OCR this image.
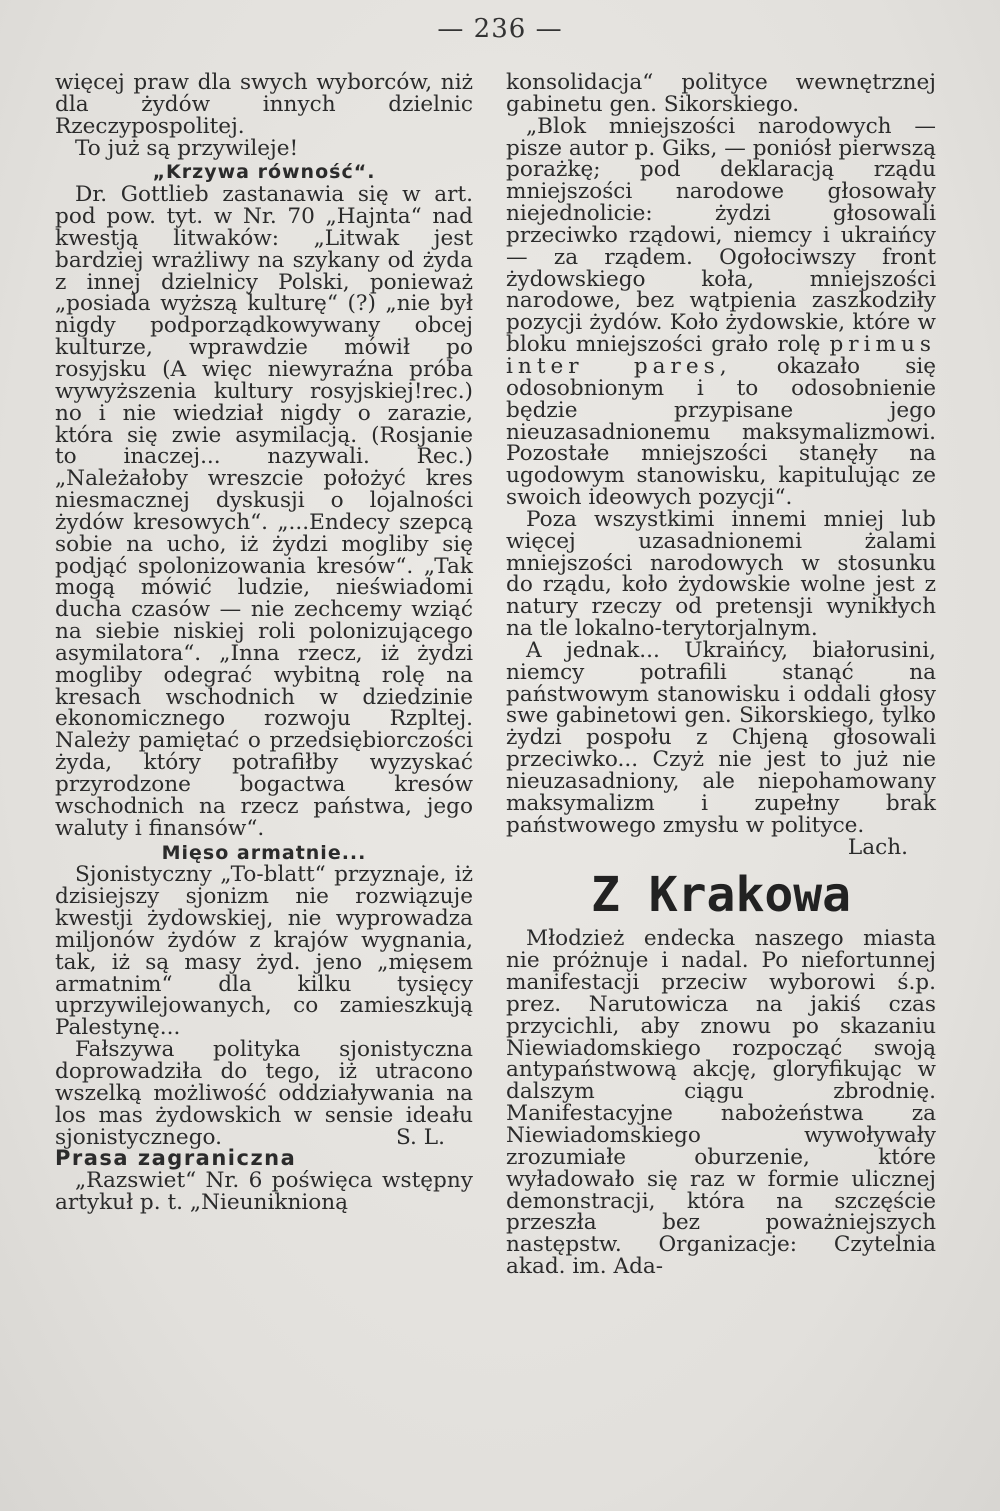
— 236 —

więcej praw dla swych wyborców, niż dla żydów innych dzielnic Rzeczypospolitej.

To już są przywileje!

„Krzywa równość“.

Dr. Gottlieb zastanawia się w art. pod pow. tyt. w Nr. 70 „Hajnta“ nad kwestją litwaków: „Litwak jest bardziej wrażliwy na szykany od żyda z innej dzielnicy Polski, ponieważ „posiada wyższą kulturę“ (?) „nie był nigdy podporządkowywany obcej kulturze, wprawdzie mówił po rosyjsku (A więc niewyraźna próba wywyższenia kultury rosyjskiej!rec.) no i nie wiedział nigdy o zarazie, która się zwie asymilacją. (Rosjanie to inaczej... nazywali. Rec.) „Należałoby wreszcie położyć kres niesmacznej dyskusji o lojalności żydów kresowych“. „...Endecy szepcą sobie na ucho, iż żydzi mogliby się podjąć spolonizowania kresów“. „Tak mogą mówić ludzie, nieświadomi ducha czasów — nie zechcemy wziąć na siebie niskiej roli polonizującego asymilatora“. „Inna rzecz, iż żydzi mogliby odegrać wybitną rolę na kresach wschodnich w dziedzinie ekonomicznego rozwoju Rzpltej. Należy pamiętać o przedsiębiorczości żyda, który potrafiłby wyzyskać przyrodzone bogactwa kresów wschodnich na rzecz państwa, jego waluty i finansów“.

Mięso armatnie...

Sjonistyczny „To-blatt“ przyznaje, iż dzisiejszy sjonizm nie rozwiązuje kwestji żydowskiej, nie wyprowadza miljonów żydów z krajów wygnania, tak, iż są masy żyd. jeno „mięsem armatnim“ dla kilku tysięcy uprzywilejowanych, co zamieszkują Palestynę...

Fałszywa polityka sjonistyczna doprowadziła do tego, iż utracono wszelką możliwość oddziaływania na los mas żydowskich w sensie ideału sjonistycznego.	S. L.

Prasa zagraniczna

„Razswiet“ Nr. 6 poświęca wstępny artykuł p. t. „Nieuniknioną

konsolidacja“ polityce wewnętrznej gabinetu gen. Sikorskiego.

„Blok mniejszości narodowych — pisze autor p. Giks, — poniósł pierwszą porażkę; pod deklaracją rządu mniejszości narodowe głosowały niejednolicie: żydzi głosowali przeciwko rządowi, niemcy i ukraińcy — za rządem. Ogołociwszy front żydowskiego koła, mniejszości narodowe, bez wątpienia zaszkodziły pozycji żydów. Koło żydowskie, które w bloku mniejszości grało rolę primus inter pares, okazało się odosobnionym i to odosobnienie będzie przypisane jego nieuzasadnionemu maksymalizmowi. Pozostałe mniejszości stanęły na ugodowym stanowisku, kapitulując ze swoich ideowych pozycji“.

Poza wszystkimi innemi mniej lub więcej uzasadnionemi żalami mniejszości narodowych w stosunku do rządu, koło żydowskie wolne jest z natury rzeczy od pretensji wynikłych na tle lokalno-terytorjalnym.

A jednak... Ukraińcy, białorusini, niemcy potrafili stanąć na państwowym stanowisku i oddali głosy swe gabinetowi gen. Sikorskiego, tylko żydzi pospołu z Chjeną głosowali przeciwko... Czyż nie jest to już nie nieuzasadniony, ale niepohamowany maksymalizm i zupełny brak państwowego zmysłu w polityce.

Lach.

Z Krakowa

Młodzież endecka naszego miasta nie próżnuje i nadal. Po niefortunnej manifestacji przeciw wyborowi ś.p. prez. Narutowicza na jakiś czas przycichli, aby znowu po skazaniu Niewiadomskiego rozpocząć swoją antypaństwową akcję, gloryfikując w dalszym ciągu zbrodnię. Manifestacyjne nabożeństwa za Niewiadomskiego wywoływały zrozumiałe oburzenie, które wyładowało się raz w formie ulicznej demonstracji, która na szczęście przeszła bez poważniejszych następstw. Organizacje: Czytelnia akad. im. Ada-
